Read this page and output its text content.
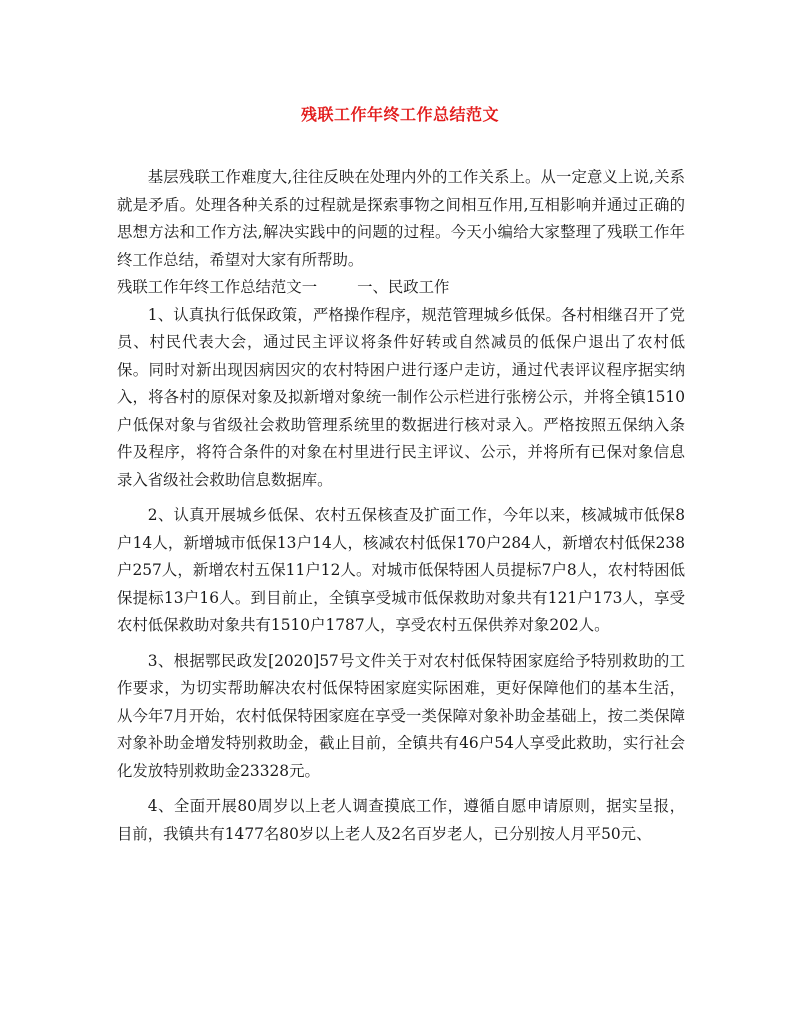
残联工作年终工作总结范文

基层残联工作难度大,往往反映在处理内外的工作关系上。从一定意义上说,关系就是矛盾。处理各种关系的过程就是探索事物之间相互作用,互相影响并通过正确的思想方法和工作方法,解决实践中的问题的过程。今天小编给大家整理了残联工作年终工作总结，希望对大家有所帮助。

残联工作年终工作总结范文一	一、民政工作

1、认真执行低保政策，严格操作程序，规范管理城乡低保。各村相继召开了党员、村民代表大会，通过民主评议将条件好转或自然减员的低保户退出了农村低保。同时对新出现因病因灾的农村特困户进行逐户走访，通过代表评议程序据实纳入，将各村的原保对象及拟新增对象统一制作公示栏进行张榜公示，并将全镇1510户低保对象与省级社会救助管理系统里的数据进行核对录入。严格按照五保纳入条件及程序，将符合条件的对象在村里进行民主评议、公示，并将所有已保对象信息录入省级社会救助信息数据库。

2、认真开展城乡低保、农村五保核查及扩面工作，今年以来，核减城市低保8户14人，新增城市低保13户14人，核减农村低保170户284人，新增农村低保238户257人，新增农村五保11户12人。对城市低保特困人员提标7户8人，农村特困低保提标13户16人。到目前止，全镇享受城市低保救助对象共有121户173人，享受农村低保救助对象共有1510户1787人，享受农村五保供养对象202人。

3、根据鄂民政发[2020]57号文件关于对农村低保特困家庭给予特别救助的工作要求，为切实帮助解决农村低保特困家庭实际困难，更好保障他们的基本生活，从今年7月开始，农村低保特困家庭在享受一类保障对象补助金基础上，按二类保障对象补助金增发特别救助金，截止目前，全镇共有46户54人享受此救助，实行社会化发放特别救助金23328元。

4、全面开展80周岁以上老人调查摸底工作，遵循自愿申请原则，据实呈报，目前，我镇共有1477名80岁以上老人及2名百岁老人，已分别按人月平50元、
